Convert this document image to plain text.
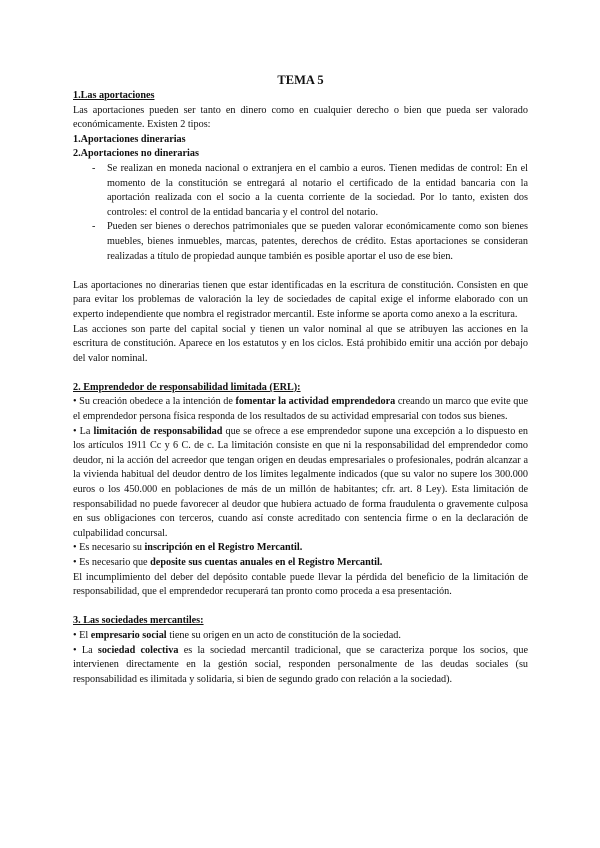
TEMA 5
1.Las aportaciones

Las aportaciones pueden ser tanto en dinero como en cualquier derecho o bien que pueda ser valorado económicamente. Existen 2 tipos:

1.Aportaciones dinerarias
2.Aportaciones no dinerarias
- Se realizan en moneda nacional o extranjera en el cambio a euros. Tienen medidas de control: En el momento de la constitución se entregará al notario el certificado de la entidad bancaria con la aportación realizada con el socio a la cuenta corriente de la sociedad. Por lo tanto, existen dos controles: el control de la entidad bancaria y el control del notario.
- Pueden ser bienes o derechos patrimoniales que se pueden valorar económicamente como son bienes muebles, bienes inmuebles, marcas, patentes, derechos de crédito. Estas aportaciones se consideran realizadas a título de propiedad aunque también es posible aportar el uso de ese bien.

Las aportaciones no dinerarias tienen que estar identificadas en la escritura de constitución. Consisten en que para evitar los problemas de valoración la ley de sociedades de capital exige el informe elaborado con un experto independiente que nombra el registrador mercantil. Este informe se aporta como anexo a la escritura.

Las acciones son parte del capital social y tienen un valor nominal al que se atribuyen las acciones en la escritura de constitución. Aparece en los estatutos y en los ciclos. Está prohibido emitir una acción por debajo del valor nominal.

2. Emprendedor de responsabilidad limitada (ERL):

• Su creación obedece a la intención de fomentar la actividad emprendedora creando un marco que evite que el emprendedor persona física responda de los resultados de su actividad empresarial con todos sus bienes.

• La limitación de responsabilidad que se ofrece a ese emprendedor supone una excepción a lo dispuesto en los artículos 1911 Cc y 6 C. de c. La limitación consiste en que ni la responsabilidad del emprendedor como deudor, ni la acción del acreedor que tengan origen en deudas empresariales o profesionales, podrán alcanzar a la vivienda habitual del deudor dentro de los límites legalmente indicados (que su valor no supere los 300.000 euros o los 450.000 en poblaciones de más de un millón de habitantes; cfr. art. 8 Ley). Esta limitación de responsabilidad no puede favorecer al deudor que hubiera actuado de forma fraudulenta o gravemente culposa en sus obligaciones con terceros, cuando así conste acreditado con sentencia firme o en la declaración de culpabilidad concursal.

• Es necesario su inscripción en el Registro Mercantil.

• Es necesario que deposite sus cuentas anuales en el Registro Mercantil.

El incumplimiento del deber del depósito contable puede llevar la pérdida del beneficio de la limitación de responsabilidad, que el emprendedor recuperará tan pronto como proceda a esa presentación.

3. Las sociedades mercantiles:

• El empresario social tiene su origen en un acto de constitución de la sociedad.

• La sociedad colectiva es la sociedad mercantil tradicional, que se caracteriza porque los socios, que intervienen directamente en la gestión social, responden personalmente de las deudas sociales (su responsabilidad es ilimitada y solidaria, si bien de segundo grado con relación a la sociedad).
